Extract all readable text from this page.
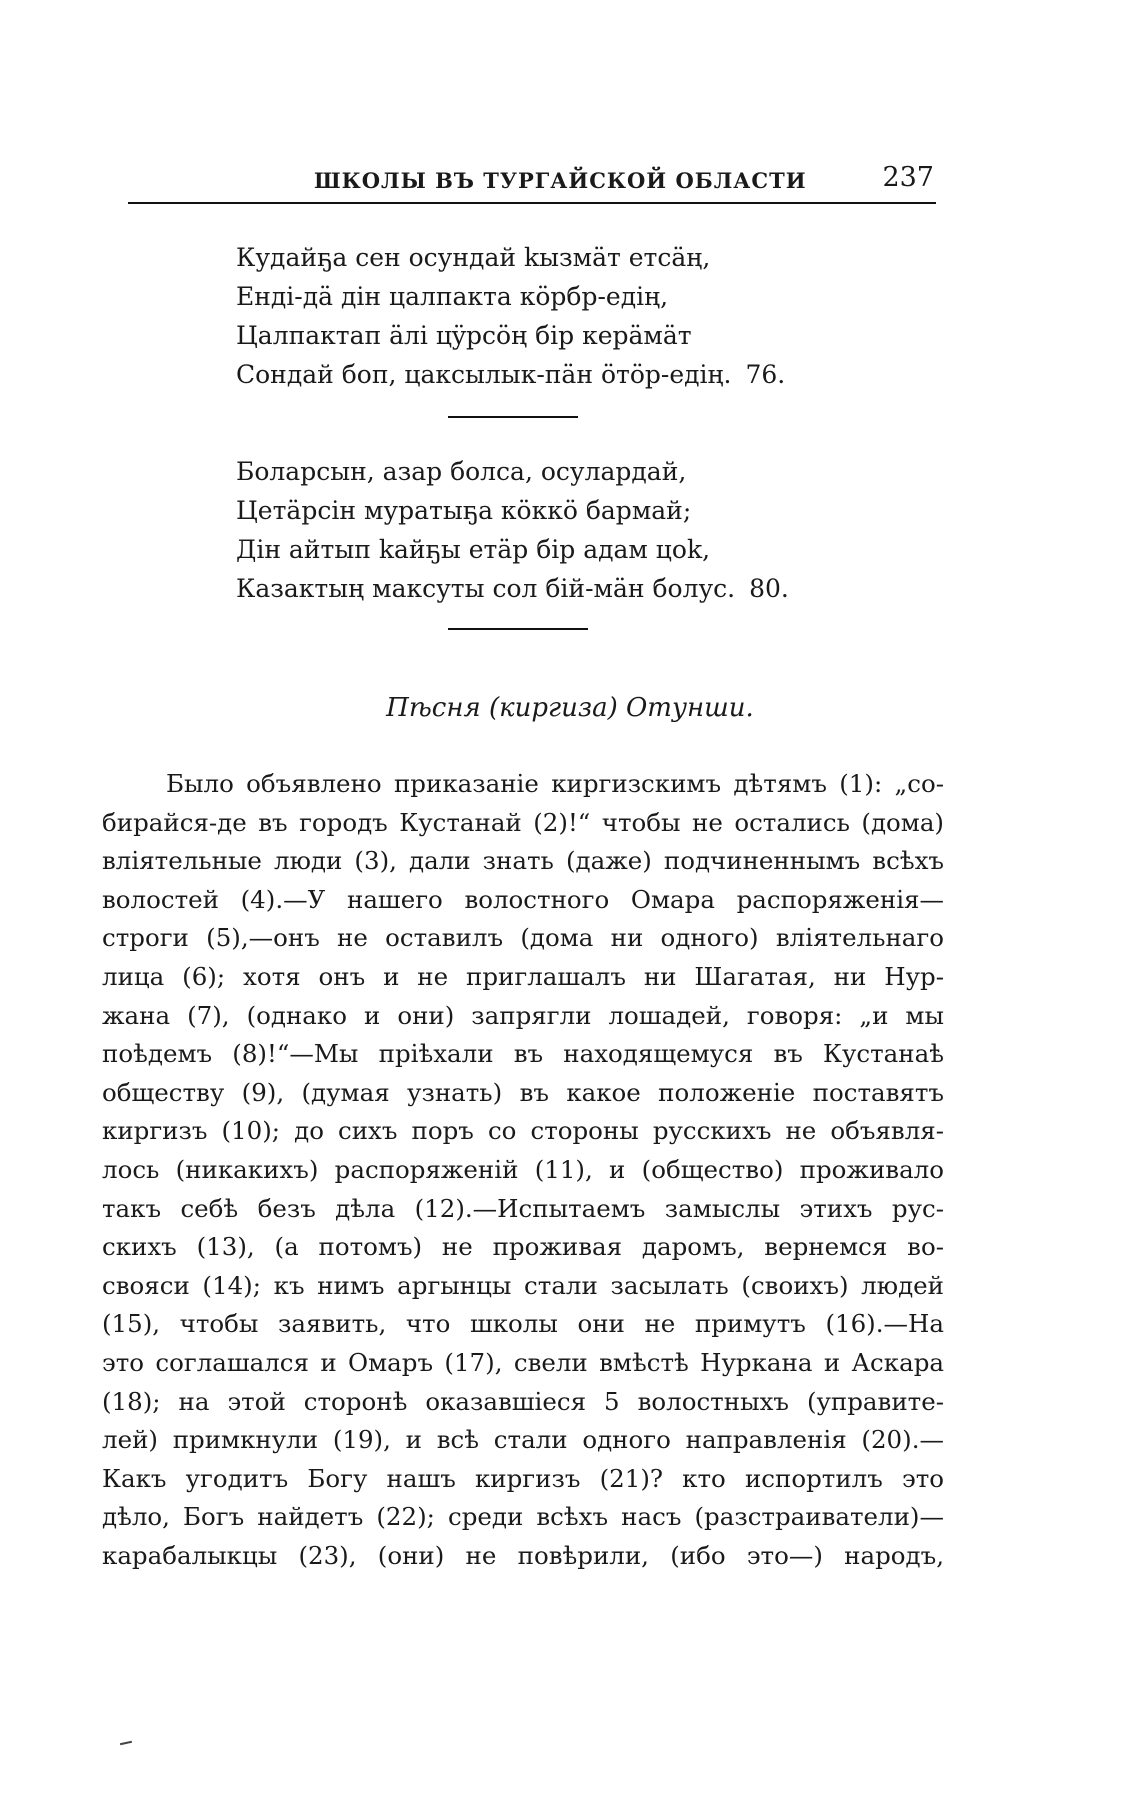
ШКОЛЫ ВЪ ТУРГАЙСКОЙ ОБЛАСТИ	237
Кудайҕа сен осундай kызмäт етсäң,
Ендi-дä дiн цалпакта кöрбр-едiң,
Цалпактап äлi цÿрсöң бiр керäмäт
Сондай боп, цаксылык-пäн öтöр-едiң. 76.
Боларсын, азар болса, осулардай,
Цетäрсiн муратыҕа кöккö бармай;
Дiн айтып kайҕы етäр бiр адам цоk,
Казактың максуты сол бiй-мäн болус. 80.
Пѣсня (киргиза) Отунши.
Было объявлено приказаніе киргизскимъ дѣтямъ (1): „со-
бирайся-де въ городъ Кустанай (2)!“ чтобы не остались (дома)
вліятельные люди (3), дали знать (даже) подчиненнымъ всѣхъ
волостей (4).—У нашего волостного Омара распоряженія—
строги (5),—онъ не оставилъ (дома ни одного) вліятельнаго
лица (6); хотя онъ и не приглашалъ ни Шагатая, ни Нур-
жана (7), (однако и они) запрягли лошадей, говоря: „и мы
поѣдемъ (8)!“—Мы пріѣхали въ находящемуся въ Кустанаѣ
обществу (9), (думая узнать) въ какое положеніе поставятъ
киргизъ (10); до сихъ поръ со стороны русскихъ не объявля-
лось (никакихъ) распоряженій (11), и (общество) проживало
такъ себѣ безъ дѣла (12).—Испытаемъ замыслы этихъ рус-
скихъ (13), (а потомъ) не проживая даромъ, вернемся во-
свояси (14); къ нимъ аргынцы стали засылать (своихъ) людей
(15), чтобы заявить, что школы они не примутъ (16).—На
это соглашался и Омаръ (17), свели вмѣстѣ Нуркана и Аскара
(18); на этой сторонѣ оказавшіеся 5 волостныхъ (управите-
лей) примкнули (19), и всѣ стали одного направленія (20).—
Какъ угодитъ Богу нашъ киргизъ (21)? кто испортилъ это
дѣло, Богъ найдетъ (22); среди всѣхъ насъ (разстраиватели)—
карабалыкцы (23), (они) не повѣрили, (ибо это—) народъ,
